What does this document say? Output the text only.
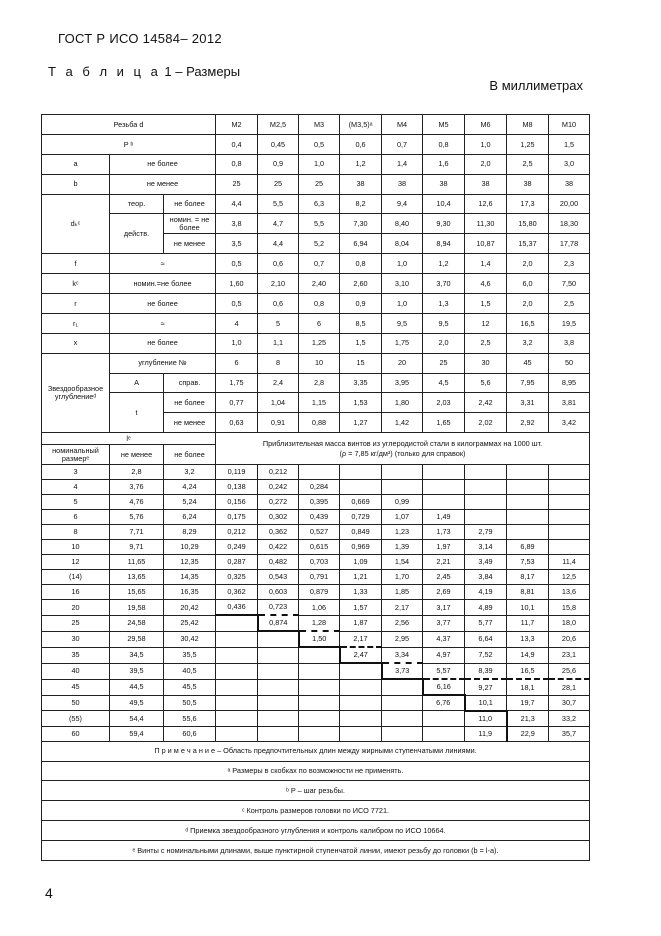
ГОСТ Р ИСО 14584– 2012
Т а б л и ц а 1 – Размеры
В миллиметрах
Резьба d			M2	M2,5	M3	(M3,5)ᵃ	M4	M5	M6	M8	M10
P ᵇ			0,4	0,45	0,5	0,6	0,7	0,8	1,0	1,25	1,5
a	не более		0,8	0,9	1,0	1,2	1,4	1,6	2,0	2,5	3,0
b	не менее		25	25	25	38	38	38	38	38	38
dₖᶜ	теор.	не более	4,4	5,5	6,3	8,2	9,4	10,4	12,6	17,3	20,00
	действ.	номин. = не более	3,8	4,7	5,5	7,30	8,40	9,30	11,30	15,80	18,30
		не менее	3,5	4,4	5,2	6,94	8,04	8,94	10,87	15,37	17,78
f	≈		0,5	0,6	0,7	0,8	1,0	1,2	1,4	2,0	2,3
kᶜ	номин.=не более		1,60	2,10	2,40	2,60	3,10	3,70	4,6	6,0	7,50
r	не более		0,5	0,6	0,8	0,9	1,0	1,3	1,5	2,0	2,5
r₁	≈		4	5	6	8,5	9,5	9,5	12	16,5	19,5
x	не более		1,0	1,1	1,25	1,5	1,75	2,0	2,5	3,2	3,8
Звездообразное углублениеᵈ	углубление №		6	8	10	15	20	25	30	45	50
	A	справ.	1,75	2,4	2,8	3,35	3,95	4,5	5,6	7,95	8,95
	t	не более	0,77	1,04	1,15	1,53	1,80	2,03	2,42	3,31	3,81
		не менее	0,63	0,91	0,88	1,27	1,42	1,65	2,02	2,92	3,42
lᵉ			Приблизительная масса винтов из углеродистой стали в килограммах на 1000 шт.
(ρ = 7,85 кг/дм³) (только для справок)								

номинальный размерᵉ	не менее	не более									
3	2,8	3,2	0,119	0,212							
4	3,76	4,24	0,138	0,242	0,284						
5	4,76	5,24	0,156	0,272	0,395	0,669	0,99				
6	5,76	6,24	0,175	0,302	0,439	0,729	1,07	1,49			
8	7,71	8,29	0,212	0,362	0,527	0,849	1,23	1,73	2,79		
10	9,71	10,29	0,249	0,422	0,615	0,969	1,39	1,97	3,14	6,89	
12	11,65	12,35	0,287	0,482	0,703	1,09	1,54	2,21	3,49	7,53	11,4
(14)	13,65	14,35	0,325	0,543	0,791	1,21	1,70	2,45	3,84	8,17	12,5
16	15,65	16,35	0,362	0,603	0,879	1,33	1,85	2,69	4,19	8,81	13,6
20	19,58	20,42	0,436	0,723	1,06	1,57	2,17	3,17	4,89	10,1	15,8
25	24,58	25,42		0,874	1,28	1,87	2,56	3,77	5,77	11,7	18,0
30	29,58	30,42			1,50	2,17	2,95	4,37	6,64	13,3	20,6
35	34,5	35,5				2,47	3,34	4,97	7,52	14,9	23,1
40	39,5	40,5					3,73	5,57	8,39	16,5	25,6
45	44,5	45,5						6,16	9,27	18,1	28,1
50	49,5	50,5						6,76	10,1	19,7	30,7
(55)	54,4	55,6							11,0	21,3	33,2
60	59,4	60,6							11,9	22,9	35,7
П р и м е ч а н и е – Область предпочтительных длин между жирными ступенчатыми линиями.											
ᵃ Размеры в скобках по возможности не применять.											
ᵇ P – шаг резьбы.											
ᶜ Контроль размеров головки по ИСО 7721.											
ᵈ Приемка звездообразного углубления и контроль калибром по ИСО 10664.											
ᵉ Винты с номинальными длинами, выше пунктирной ступенчатой линии, имеют резьбу до головки (b = l-a).											
4
